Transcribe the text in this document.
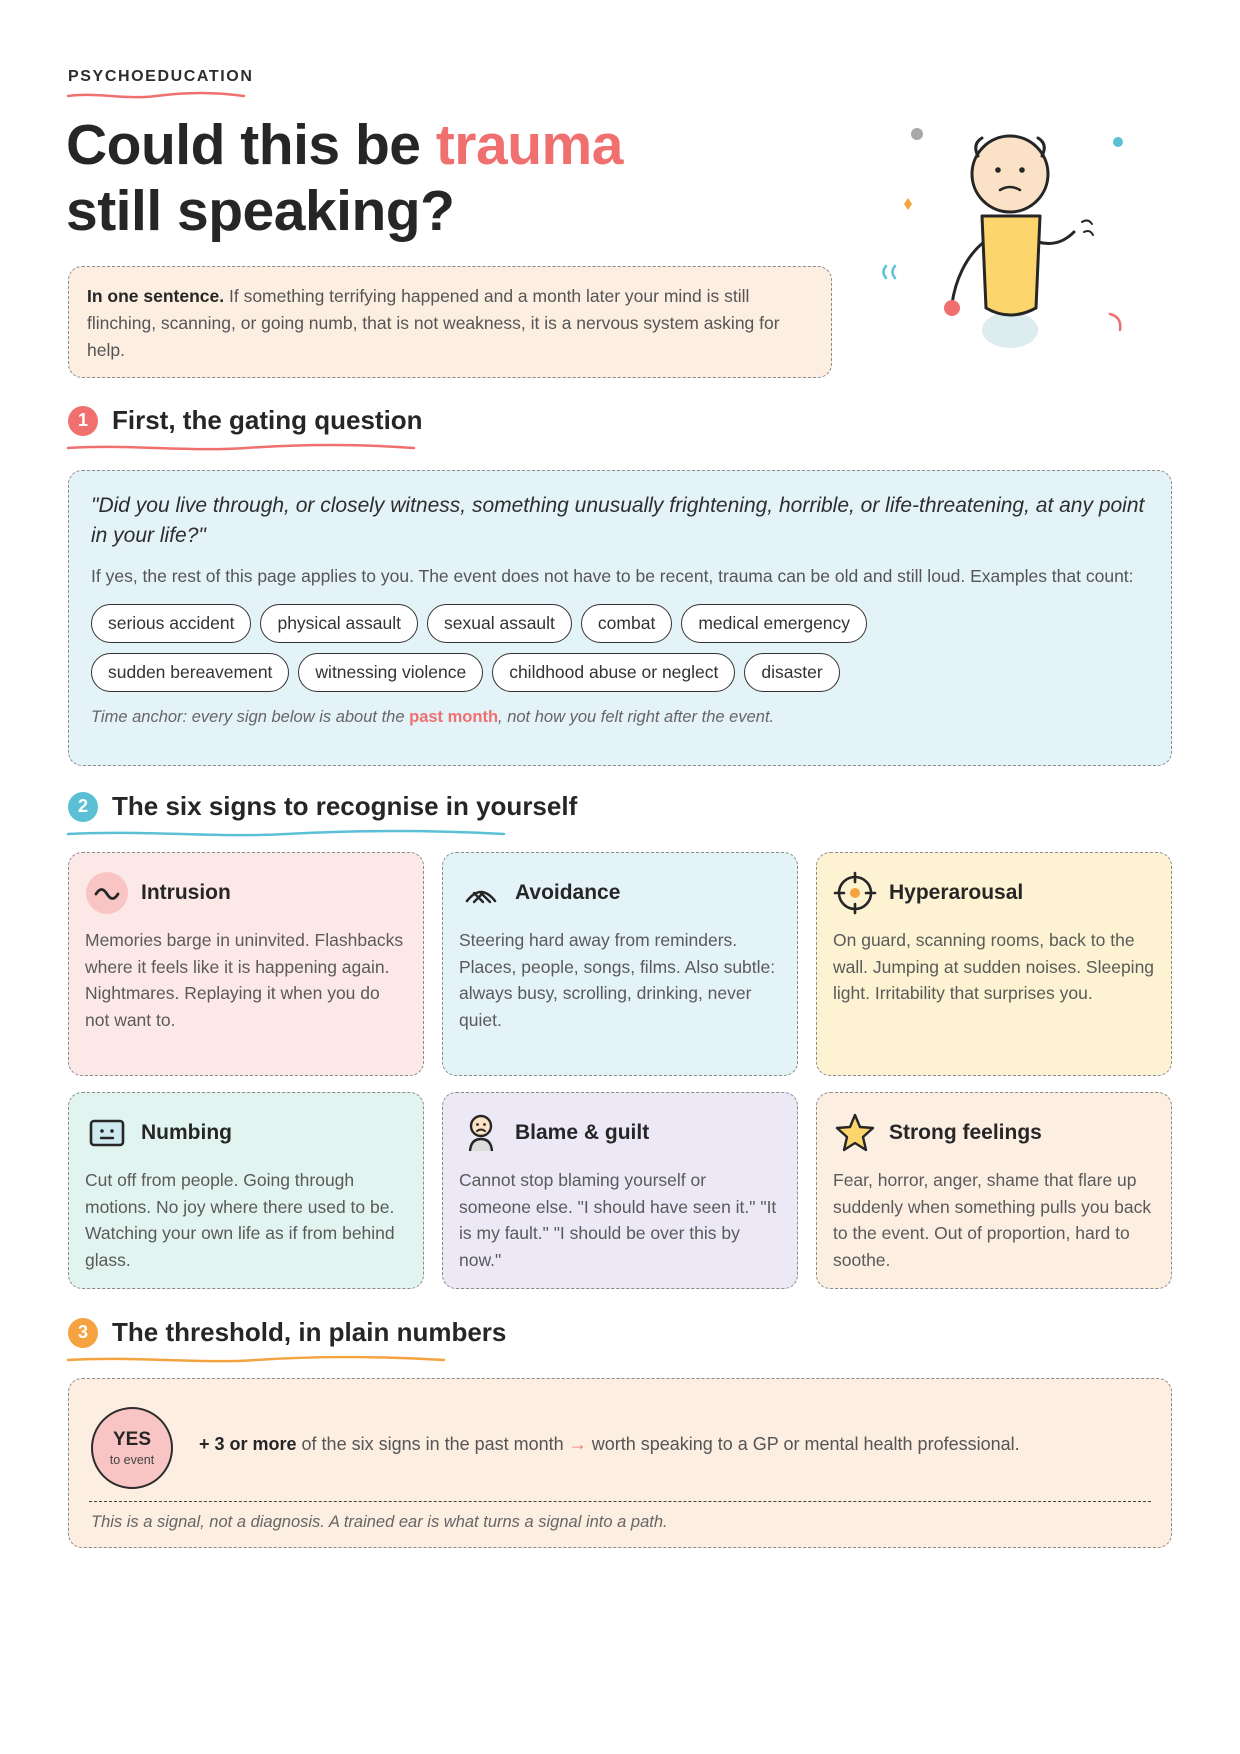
PSYCHOEDUCATION
Could this be trauma
still speaking?
In one sentence. If something terrifying happened and a month later your mind is still flinching, scanning, or going numb, that is not weakness, it is a nervous system asking for help.
1 First, the gating question
"Did you live through, or closely witness, something unusually frightening, horrible, or life-threatening, at any point in your life?"
If yes, the rest of this page applies to you. The event does not have to be recent, trauma can be old and still loud. Examples that count:
serious accident	physical assault	sexual assault	combat	medical emergency
sudden bereavement	witnessing violence	childhood abuse or neglect	disaster
Time anchor: every sign below is about the past month, not how you felt right after the event.
2 The six signs to recognise in yourself
Intrusion
Memories barge in uninvited. Flashbacks where it feels like it is happening again. Nightmares. Replaying it when you do not want to.
Avoidance
Steering hard away from reminders. Places, people, songs, films. Also subtle: always busy, scrolling, drinking, never quiet.
Hyperarousal
On guard, scanning rooms, back to the wall. Jumping at sudden noises. Sleeping light. Irritability that surprises you.
Numbing
Cut off from people. Going through motions. No joy where there used to be. Watching your own life as if from behind glass.
Blame & guilt
Cannot stop blaming yourself or someone else. "I should have seen it." "It is my fault." "I should be over this by now."
Strong feelings
Fear, horror, anger, shame that flare up suddenly when something pulls you back to the event. Out of proportion, hard to soothe.
3 The threshold, in plain numbers
YES
to event
+ 3 or more of the six signs in the past month → worth speaking to a GP or mental health professional.
This is a signal, not a diagnosis. A trained ear is what turns a signal into a path.
